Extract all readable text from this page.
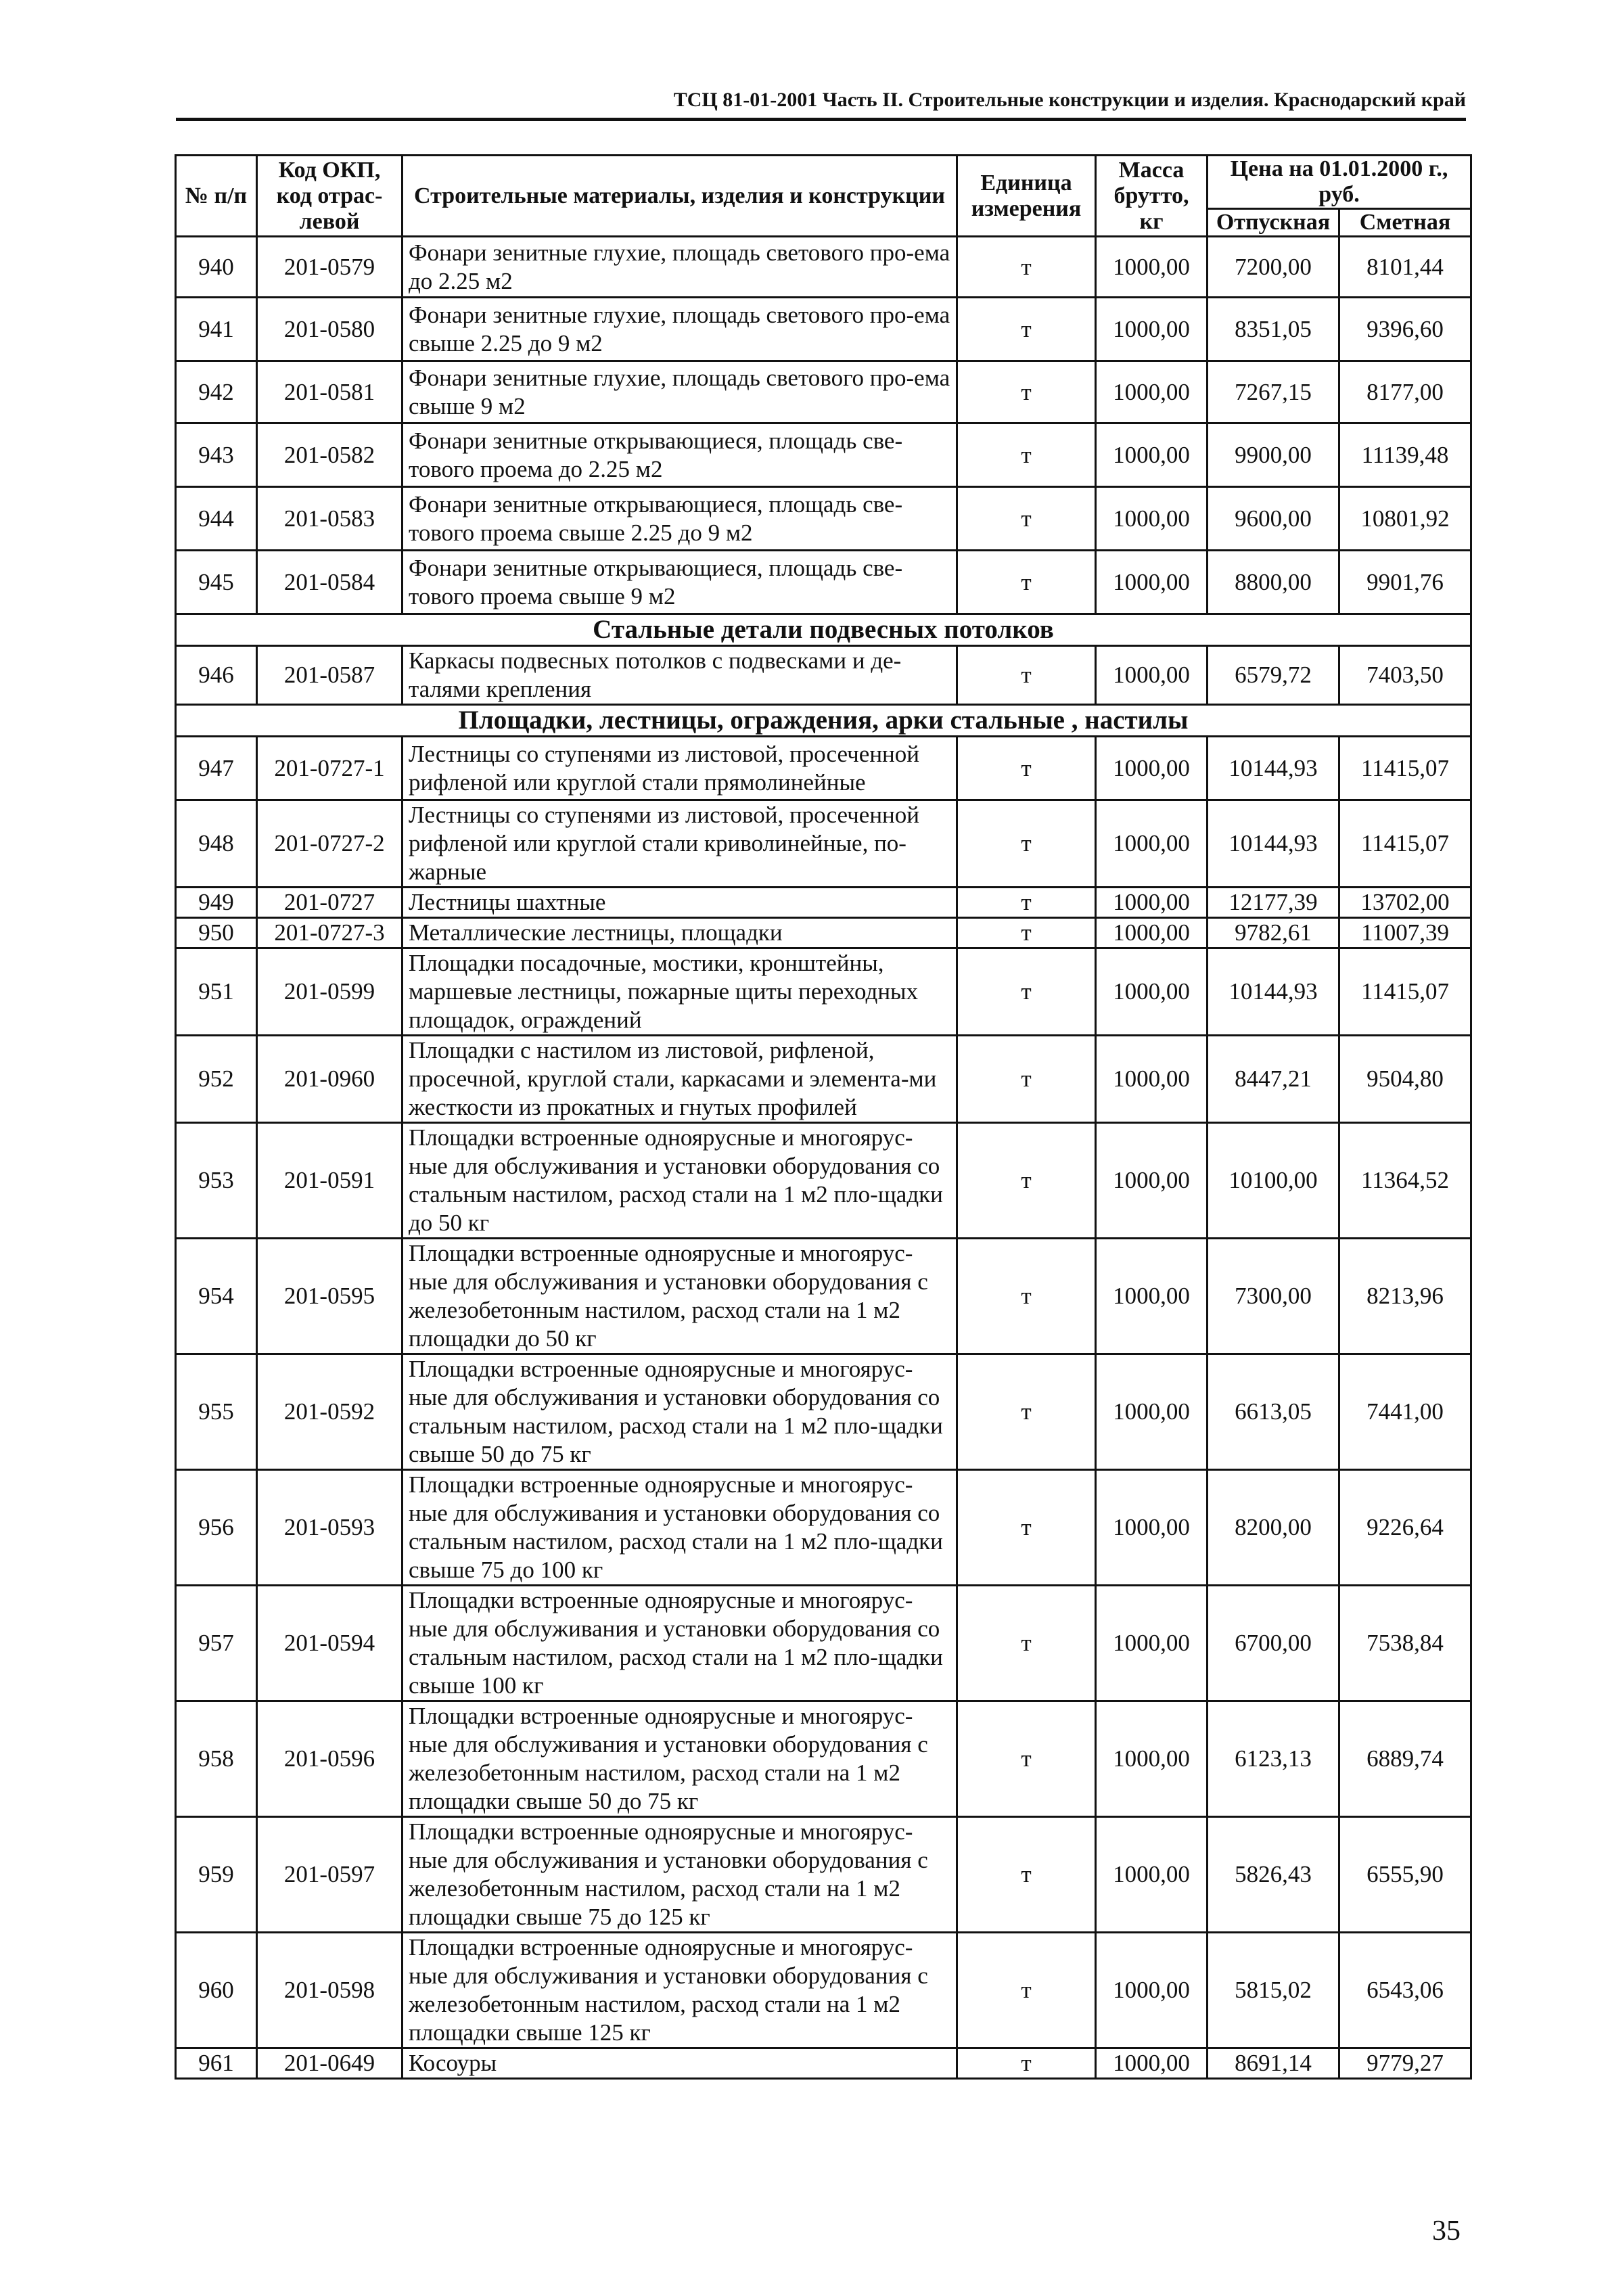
ТСЦ 81-01-2001 Часть II. Строительные конструкции и изделия. Краснодарский край
№ п/п	Код ОКП, код отрас-левой	Строительные материалы, изделия и конструкции	Единица измерения	Масса брутто, кг	Цена на 01.01.2000 г., руб.	
					Отпускная	Сметная
940	201-0579	Фонари зенитные глухие, площадь светового про-ема до 2.25 м2	т	1000,00	7200,00	8101,44
941	201-0580	Фонари зенитные глухие, площадь светового про-ема свыше 2.25 до 9 м2	т	1000,00	8351,05	9396,60
942	201-0581	Фонари зенитные глухие, площадь светового про-ема свыше 9 м2	т	1000,00	7267,15	8177,00
943	201-0582	Фонари зенитные открывающиеся, площадь све-тового проема до 2.25 м2	т	1000,00	9900,00	11139,48
944	201-0583	Фонари зенитные открывающиеся, площадь све-тового проема свыше 2.25 до 9 м2	т	1000,00	9600,00	10801,92
945	201-0584	Фонари зенитные открывающиеся, площадь све-тового проема свыше 9 м2	т	1000,00	8800,00	9901,76
Стальные детали подвесных потолков						
946	201-0587	Каркасы подвесных потолков с подвесками и де-талями крепления	т	1000,00	6579,72	7403,50
Площадки, лестницы, ограждения, арки стальные , настилы						
947	201-0727-1	Лестницы со ступенями из листовой, просеченной рифленой или круглой стали прямолинейные	т	1000,00	10144,93	11415,07
948	201-0727-2	Лестницы со ступенями из листовой, просеченной рифленой или круглой стали криволинейные, по-жарные	т	1000,00	10144,93	11415,07
949	201-0727	Лестницы шахтные	т	1000,00	12177,39	13702,00
950	201-0727-3	Металлические лестницы, площадки	т	1000,00	9782,61	11007,39
951	201-0599	Площадки посадочные, мостики, кронштейны, маршевые лестницы, пожарные щиты переходных площадок, ограждений	т	1000,00	10144,93	11415,07
952	201-0960	Площадки с настилом из листовой, рифленой, просечной, круглой стали, каркасами и элемента-ми жесткости из прокатных и гнутых профилей	т	1000,00	8447,21	9504,80
953	201-0591	Площадки встроенные одноярусные и многоярус-ные для обслуживания и установки оборудования со стальным настилом, расход стали на 1 м2 пло-щадки до 50 кг	т	1000,00	10100,00	11364,52
954	201-0595	Площадки встроенные одноярусные и многоярус-ные для обслуживания и установки оборудования с железобетонным настилом, расход стали на 1 м2 площадки до 50 кг	т	1000,00	7300,00	8213,96
955	201-0592	Площадки встроенные одноярусные и многоярус-ные для обслуживания и установки оборудования со стальным настилом, расход стали на 1 м2 пло-щадки свыше 50 до 75 кг	т	1000,00	6613,05	7441,00
956	201-0593	Площадки встроенные одноярусные и многоярус-ные для обслуживания и установки оборудования со стальным настилом, расход стали на 1 м2 пло-щадки свыше 75 до 100 кг	т	1000,00	8200,00	9226,64
957	201-0594	Площадки встроенные одноярусные и многоярус-ные для обслуживания и установки оборудования со стальным настилом, расход стали на 1 м2 пло-щадки свыше 100 кг	т	1000,00	6700,00	7538,84
958	201-0596	Площадки встроенные одноярусные и многоярус-ные для обслуживания и установки оборудования с железобетонным настилом, расход стали на 1 м2 площадки свыше 50 до 75 кг	т	1000,00	6123,13	6889,74
959	201-0597	Площадки встроенные одноярусные и многоярус-ные для обслуживания и установки оборудования с железобетонным настилом, расход стали на 1 м2 площадки свыше 75 до 125 кг	т	1000,00	5826,43	6555,90
960	201-0598	Площадки встроенные одноярусные и многоярус-ные для обслуживания и установки оборудования с железобетонным настилом, расход стали на 1 м2 площадки свыше 125 кг	т	1000,00	5815,02	6543,06
961	201-0649	Косоуры	т	1000,00	8691,14	9779,27
35
